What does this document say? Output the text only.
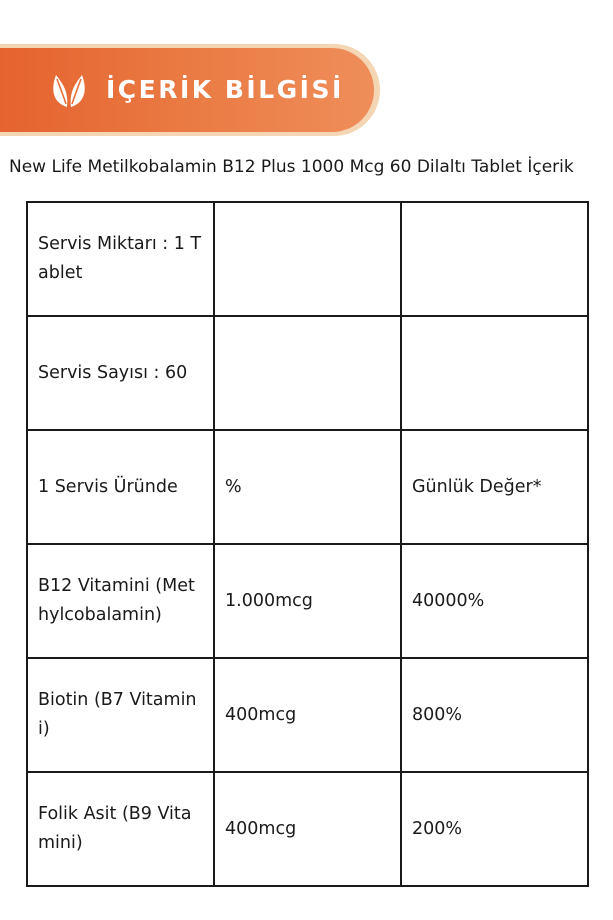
İÇERİK BİLGİSİ
New Life Metilkobalamin B12 Plus 1000 Mcg 60 Dilaltı Tablet İçerik
Servis Miktarı : 1 Tablet		
Servis Sayısı : 60		
1 Servis Üründe	%	Günlük Değer*
B12 Vitamini (Methylcobalamin)	1.000mcg	40000%
Biotin (B7 Vitamini)	400mcg	800%
Folik Asit (B9 Vitamini)	400mcg	200%
